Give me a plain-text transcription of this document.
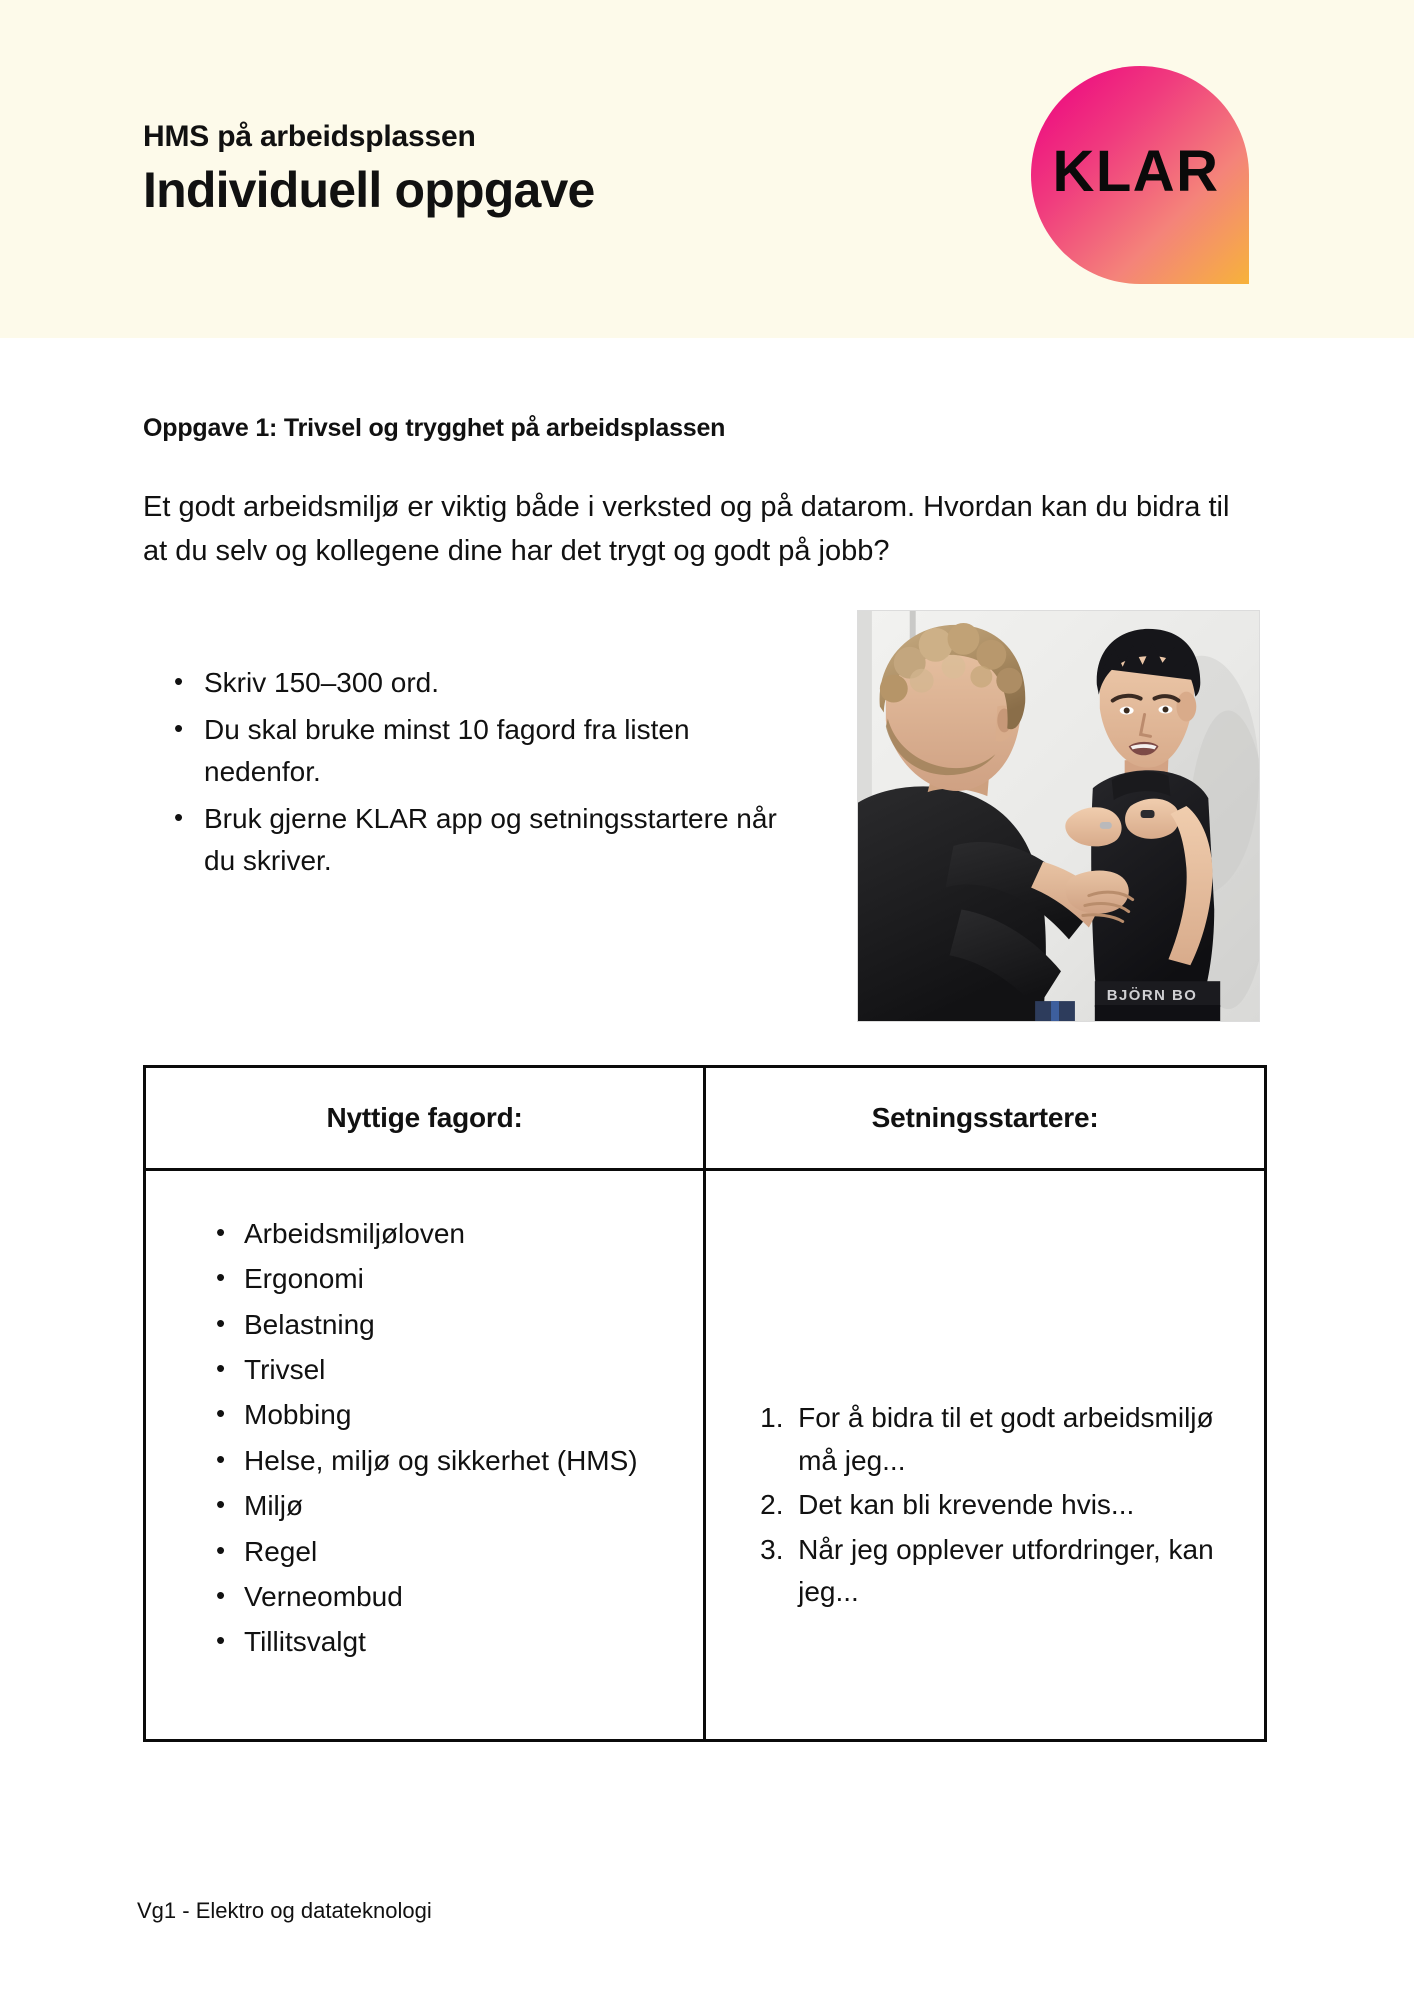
HMS på arbeidsplassen

Individuell oppgave	KLAR
Oppgave 1: Trivsel og trygghet på arbeidsplassen

Et godt arbeidsmiljø er viktig både i verksted og på datarom. Hvordan kan du bidra til at du selv og kollegene dine har det trygt og godt på jobb?

• Skriv 150–300 ord.
• Du skal bruke minst 10 fagord fra listen nedenfor.
• Bruk gjerne KLAR app og setningsstartere når du skriver.
BJÖRN BO
Nyttige fagord:
• Arbeidsmiljøloven
• Ergonomi
• Belastning
• Trivsel
• Mobbing
• Helse, miljø og sikkerhet (HMS)
• Miljø
• Regel
• Verneombud
• Tillitsvalgt
Setningsstartere:
For å bidra til et godt arbeidsmiljø må jeg...
Det kan bli krevende hvis...
Når jeg opplever utfordringer, kan jeg...
Vg1 - Elektro og datateknologi
